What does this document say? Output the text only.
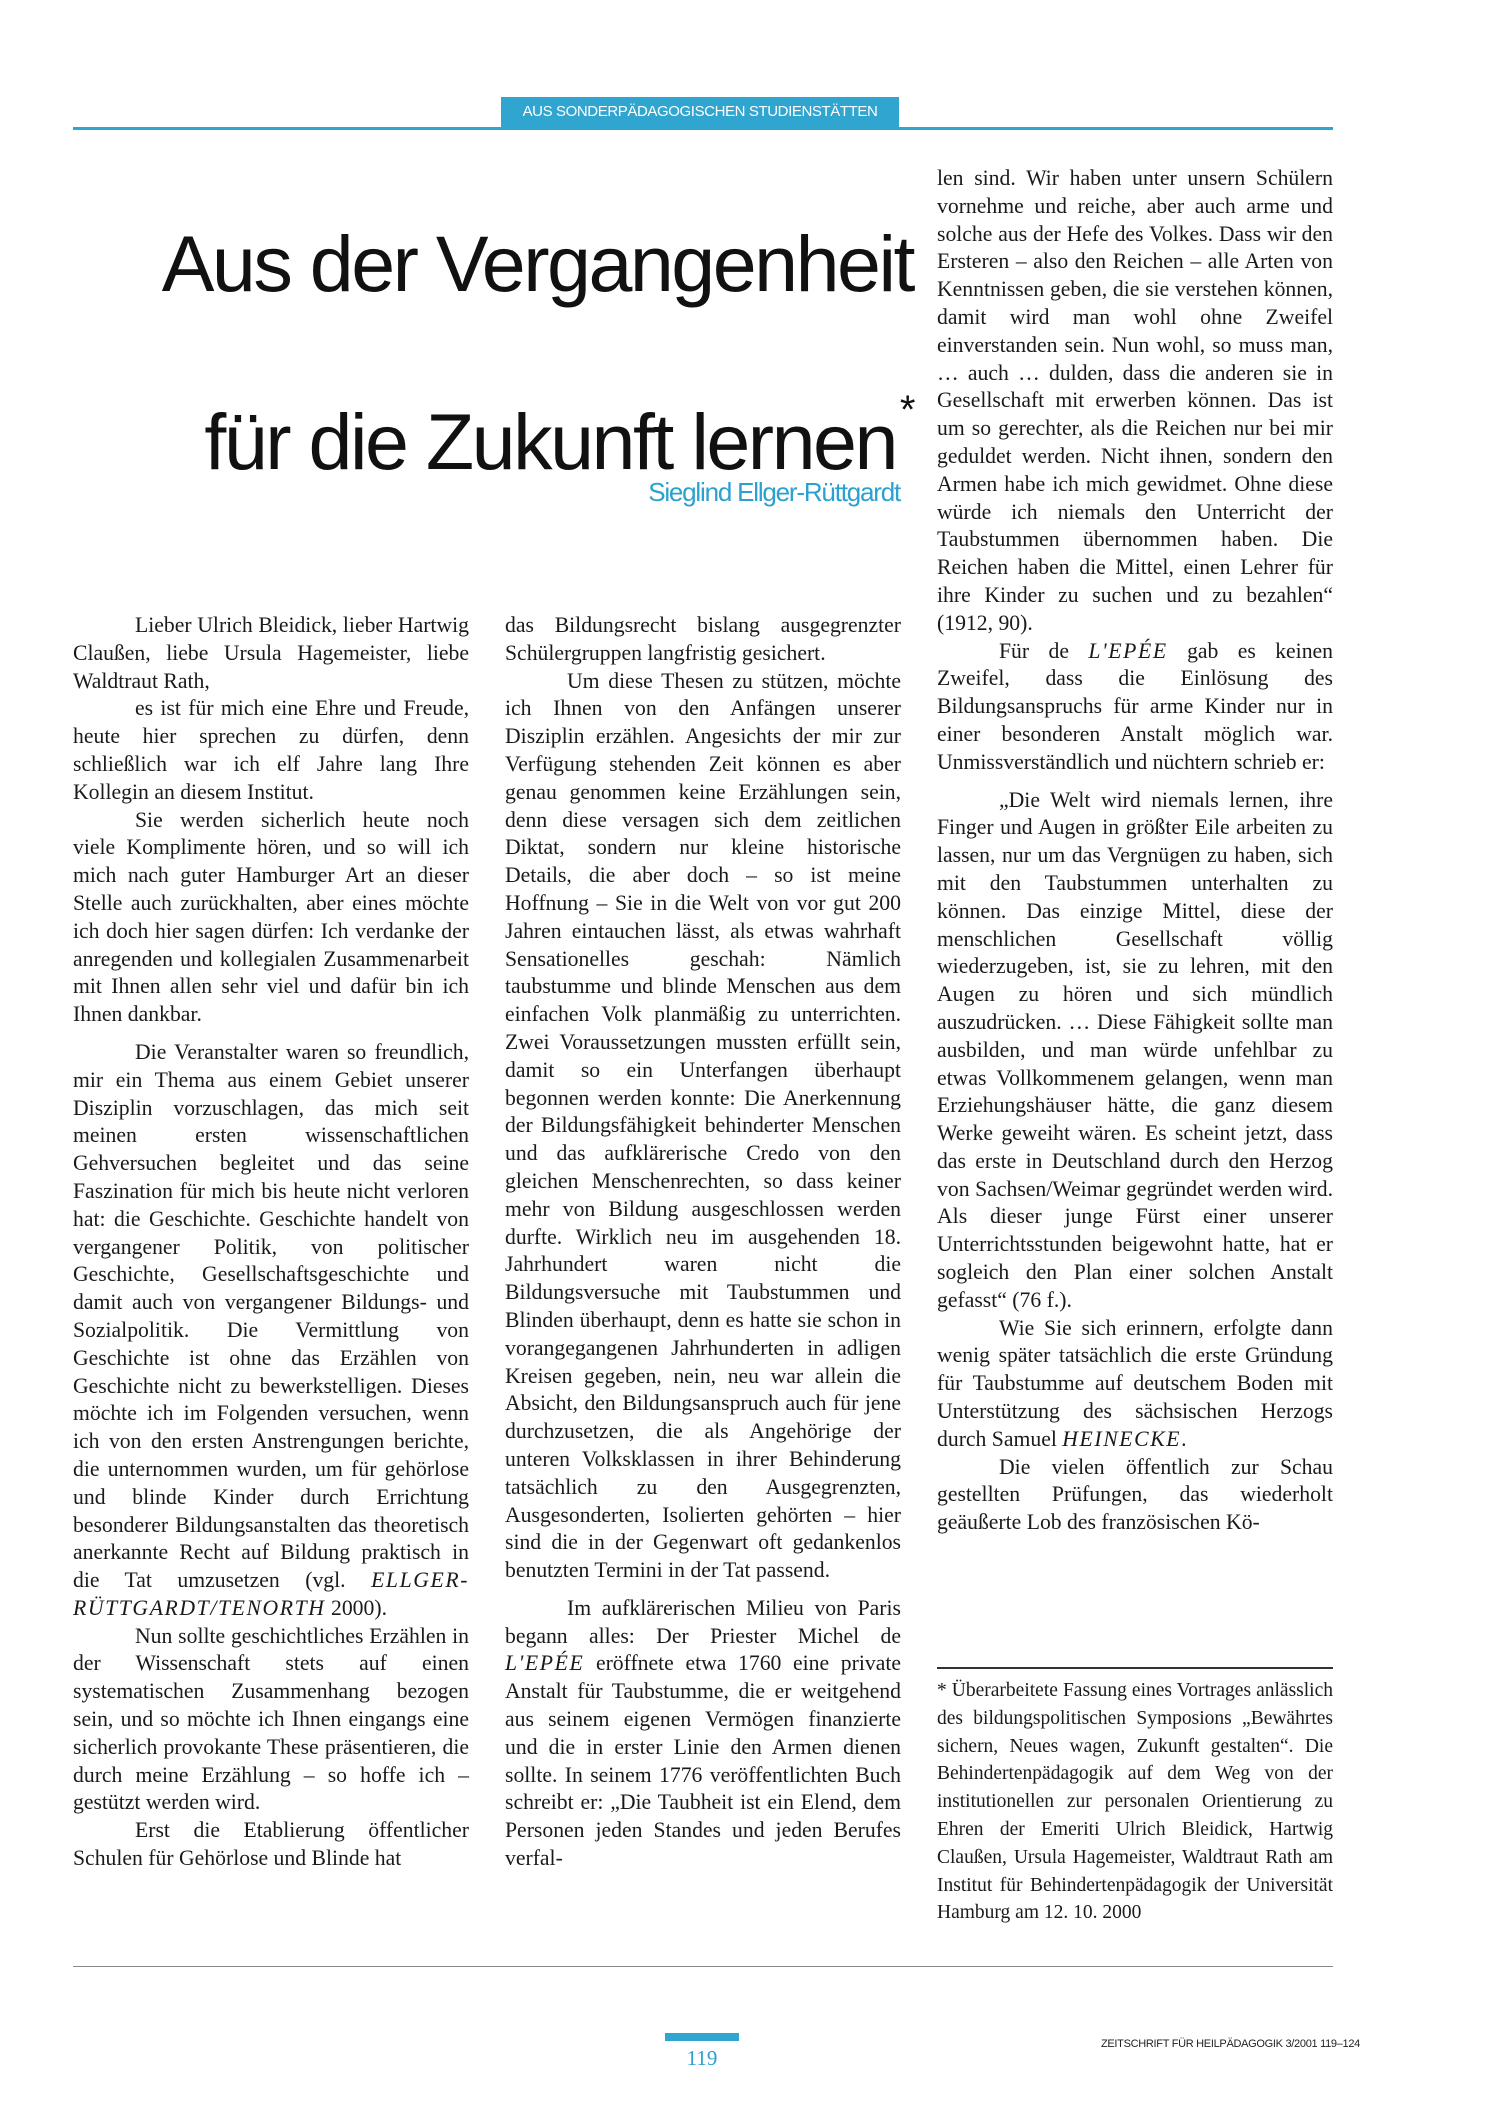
AUS SONDERPÄDAGOGISCHEN STUDIENSTÄTTEN
Aus der Vergangenheit
für die Zukunft lernen *
Sieglind Ellger-Rüttgardt

Lieber Ulrich Bleidick, lieber Hartwig Claußen, liebe Ursula Hagemeister, liebe Waldtraut Rath,

es ist für mich eine Ehre und Freude, heute hier sprechen zu dürfen, denn schließlich war ich elf Jahre lang Ihre Kollegin an diesem Institut.

Sie werden sicherlich heute noch viele Komplimente hören, und so will ich mich nach guter Hamburger Art an dieser Stelle auch zurückhalten, aber eines möchte ich doch hier sagen dürfen: Ich verdanke der anregenden und kollegialen Zusammenarbeit mit Ihnen allen sehr viel und dafür bin ich Ihnen dankbar.

Die Veranstalter waren so freundlich, mir ein Thema aus einem Gebiet unserer Disziplin vorzuschlagen, das mich seit meinen ersten wissenschaftlichen Gehversuchen begleitet und das seine Faszination für mich bis heute nicht verloren hat: die Geschichte. Geschichte handelt von vergangener Politik, von politischer Geschichte, Gesellschaftsgeschichte und damit auch von vergangener Bildungs- und Sozialpolitik. Die Vermittlung von Geschichte ist ohne das Erzählen von Geschichte nicht zu bewerkstelligen. Dieses möchte ich im Folgenden versuchen, wenn ich von den ersten Anstrengungen berichte, die unternommen wurden, um für gehörlose und blinde Kinder durch Errichtung besonderer Bildungsanstalten das theoretisch anerkannte Recht auf Bildung praktisch in die Tat umzusetzen (vgl. ELLGER-RÜTTGARDT/TENORTH 2000).

Nun sollte geschichtliches Erzählen in der Wissenschaft stets auf einen systematischen Zusammenhang bezogen sein, und so möchte ich Ihnen eingangs eine sicherlich provokante These präsentieren, die durch meine Erzählung – so hoffe ich – gestützt werden wird.

Erst die Etablierung öffentlicher Schulen für Gehörlose und Blinde hat

das Bildungsrecht bislang ausgegrenzter Schülergruppen langfristig gesichert.

Um diese Thesen zu stützen, möchte ich Ihnen von den Anfängen unserer Disziplin erzählen. Angesichts der mir zur Verfügung stehenden Zeit können es aber genau genommen keine Erzählungen sein, denn diese versagen sich dem zeitlichen Diktat, sondern nur kleine historische Details, die aber doch – so ist meine Hoffnung – Sie in die Welt von vor gut 200 Jahren eintauchen lässt, als etwas wahrhaft Sensationelles geschah: Nämlich taubstumme und blinde Menschen aus dem einfachen Volk planmäßig zu unterrichten. Zwei Voraussetzungen mussten erfüllt sein, damit so ein Unterfangen überhaupt begonnen werden konnte: Die Anerkennung der Bildungsfähigkeit behinderter Menschen und das aufklärerische Credo von den gleichen Menschenrechten, so dass keiner mehr von Bildung ausgeschlossen werden durfte. Wirklich neu im ausgehenden 18. Jahrhundert waren nicht die Bildungsversuche mit Taubstummen und Blinden überhaupt, denn es hatte sie schon in vorangegangenen Jahrhunderten in adligen Kreisen gegeben, nein, neu war allein die Absicht, den Bildungsanspruch auch für jene durchzusetzen, die als Angehörige der unteren Volksklassen in ihrer Behinderung tatsächlich zu den Ausgegrenzten, Ausgesonderten, Isolierten gehörten – hier sind die in der Gegenwart oft gedankenlos benutzten Termini in der Tat passend.

Im aufklärerischen Milieu von Paris begann alles: Der Priester Michel de L'EPÉE eröffnete etwa 1760 eine private Anstalt für Taubstumme, die er weitgehend aus seinem eigenen Vermögen finanzierte und die in erster Linie den Armen dienen sollte. In seinem 1776 veröffentlichten Buch schreibt er: „Die Taubheit ist ein Elend, dem Personen jeden Standes und jeden Berufes verfal-

len sind. Wir haben unter unsern Schülern vornehme und reiche, aber auch arme und solche aus der Hefe des Volkes. Dass wir den Ersteren – also den Reichen – alle Arten von Kenntnissen geben, die sie verstehen können, damit wird man wohl ohne Zweifel einverstanden sein. Nun wohl, so muss man, … auch … dulden, dass die anderen sie in Gesellschaft mit erwerben können. Das ist um so gerechter, als die Reichen nur bei mir geduldet werden. Nicht ihnen, sondern den Armen habe ich mich gewidmet. Ohne diese würde ich niemals den Unterricht der Taubstummen übernommen haben. Die Reichen haben die Mittel, einen Lehrer für ihre Kinder zu suchen und zu bezahlen“ (1912, 90).

Für de L'EPÉE gab es keinen Zweifel, dass die Einlösung des Bildungsanspruchs für arme Kinder nur in einer besonderen Anstalt möglich war. Unmissverständlich und nüchtern schrieb er:

„Die Welt wird niemals lernen, ihre Finger und Augen in größter Eile arbeiten zu lassen, nur um das Vergnügen zu haben, sich mit den Taubstummen unterhalten zu können. Das einzige Mittel, diese der menschlichen Gesellschaft völlig wiederzugeben, ist, sie zu lehren, mit den Augen zu hören und sich mündlich auszudrücken. … Diese Fähigkeit sollte man ausbilden, und man würde unfehlbar zu etwas Vollkommenem gelangen, wenn man Erziehungshäuser hätte, die ganz diesem Werke geweiht wären. Es scheint jetzt, dass das erste in Deutschland durch den Herzog von Sachsen/Weimar gegründet werden wird. Als dieser junge Fürst einer unserer Unterrichtsstunden beigewohnt hatte, hat er sogleich den Plan einer solchen Anstalt gefasst“ (76 f.).

Wie Sie sich erinnern, erfolgte dann wenig später tatsächlich die erste Gründung für Taubstumme auf deutschem Boden mit Unterstützung des sächsischen Herzogs durch Samuel HEINECKE.

Die vielen öffentlich zur Schau gestellten Prüfungen, das wiederholt geäußerte Lob des französischen Kö-

* Überarbeitete Fassung eines Vortrages anlässlich des bildungspolitischen Symposions „Bewährtes sichern, Neues wagen, Zukunft gestalten“. Die Behindertenpädagogik auf dem Weg von der institutionellen zur personalen Orientierung zu Ehren der Emeriti Ulrich Bleidick, Hartwig Claußen, Ursula Hagemeister, Waldtraut Rath am Institut für Behindertenpädagogik der Universität Hamburg am 12. 10. 2000
119
ZEITSCHRIFT FÜR HEILPÄDAGOGIK 3/2001 119–124
